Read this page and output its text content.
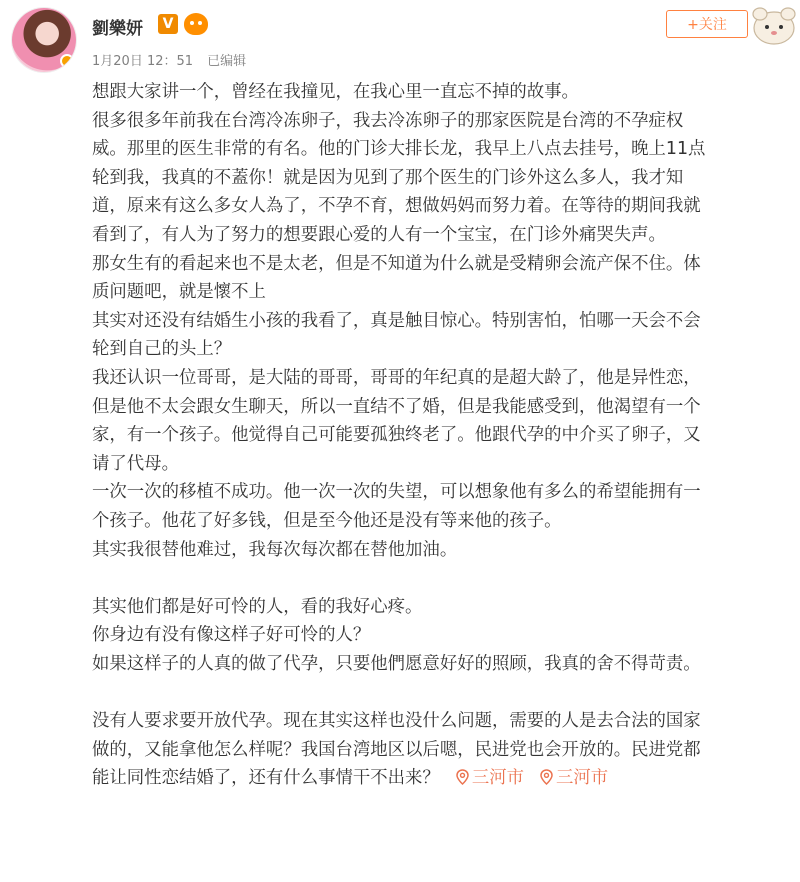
劉樂妍	V
1月20日 12：51 已编辑
+关注

想跟大家讲一个，曾经在我撞见，在我心里一直忘不掉的故事。

很多很多年前我在台湾冷冻卵子，我去冷冻卵子的那家医院是台湾的不孕症权

威。那里的医生非常的有名。他的门诊大排长龙，我早上八点去挂号，晚上11点

轮到我，我真的不蓋你！就是因为见到了那个医生的门诊外这么多人，我才知

道，原来有这么多女人為了，不孕不育，想做妈妈而努力着。在等待的期间我就

看到了，有人为了努力的想要跟心爱的人有一个宝宝，在门诊外痛哭失声。

那女生有的看起来也不是太老，但是不知道为什么就是受精卵会流产保不住。体

质问题吧，就是懷不上

其实对还没有结婚生小孩的我看了，真是触目惊心。特别害怕，怕哪一天会不会

轮到自己的头上？

我还认识一位哥哥，是大陆的哥哥，哥哥的年纪真的是超大龄了，他是异性恋，

但是他不太会跟女生聊天，所以一直结不了婚，但是我能感受到，他渴望有一个

家，有一个孩子。他觉得自己可能要孤独终老了。他跟代孕的中介买了卵子，又

请了代母。

一次一次的移植不成功。他一次一次的失望，可以想象他有多么的希望能拥有一

个孩子。他花了好多钱，但是至今他还是没有等来他的孩子。

其实我很替他难过，我每次每次都在替他加油。

其实他们都是好可怜的人，看的我好心疼。

你身边有没有像这样子好可怜的人？

如果这样子的人真的做了代孕，只要他們愿意好好的照顾，我真的舍不得苛责。

没有人要求要开放代孕。现在其实这样也没什么问题，需要的人是去合法的国家

做的，又能拿他怎么样呢？我国台湾地区以后嗯，民进党也会开放的。民进党都

能让同性恋结婚了，还有什么事情干不出来？ 三河市 三河市
